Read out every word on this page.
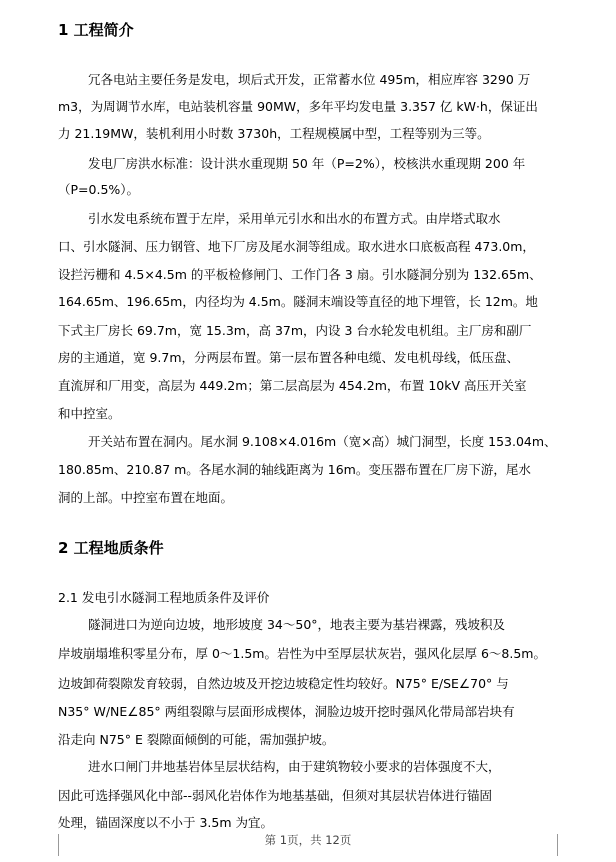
1 工程简介
冗各电站主要任务是发电，坝后式开发，正常蓄水位 495m，相应库容 3290 万
m3，为周调节水库，电站装机容量 90MW，多年平均发电量 3.357 亿 kW·h，保证出
力 21.19MW，装机利用小时数 3730h，工程规模属中型，工程等别为三等。
发电厂房洪水标准：设计洪水重现期 50 年（P=2%），校核洪水重现期 200 年
（P=0.5%）。
引水发电系统布置于左岸，采用单元引水和出水的布置方式。由岸塔式取水
口、引水隧洞、压力钢管、地下厂房及尾水洞等组成。取水进水口底板高程 473.0m，
设拦污栅和 4.5×4.5m 的平板检修闸门、工作门各 3 扇。引水隧洞分别为 132.65m、
164.65m、196.65m，内径均为 4.5m。隧洞末端设等直径的地下埋管，长 12m。地
下式主厂房长 69.7m，宽 15.3m，高 37m，内设 3 台水轮发电机组。主厂房和副厂
房的主通道，宽 9.7m，分两层布置。第一层布置各种电缆、发电机母线，低压盘、
直流屏和厂用变，高层为 449.2m；第二层高层为 454.2m，布置 10kV 高压开关室
和中控室。
开关站布置在洞内。尾水洞 9.108×4.016m（宽×高）城门洞型，长度 153.04m、
180.85m、210.87 m。各尾水洞的轴线距离为 16m。变压器布置在厂房下游，尾水
洞的上部。中控室布置在地面。
2 工程地质条件
2.1 发电引水隧洞工程地质条件及评价
隧洞进口为逆向边坡，地形坡度 34～50°，地表主要为基岩裸露，残坡积及
岸坡崩塌堆积零星分布，厚 0～1.5m。岩性为中至厚层状灰岩，强风化层厚 6～8.5m。
边坡卸荷裂隙发育较弱，自然边坡及开挖边坡稳定性均较好。N75° E/SE∠70° 与
N35° W/NE∠85° 两组裂隙与层面形成楔体，洞脸边坡开挖时强风化带局部岩块有
沿走向 N75° E 裂隙面倾倒的可能，需加强护坡。
进水口闸门井地基岩体呈层状结构，由于建筑物较小要求的岩体强度不大，
因此可选择强风化中部--弱风化岩体作为地基基础，但须对其层状岩体进行锚固
处理，锚固深度以不小于 3.5m 为宜。
第 1页，共 12页
